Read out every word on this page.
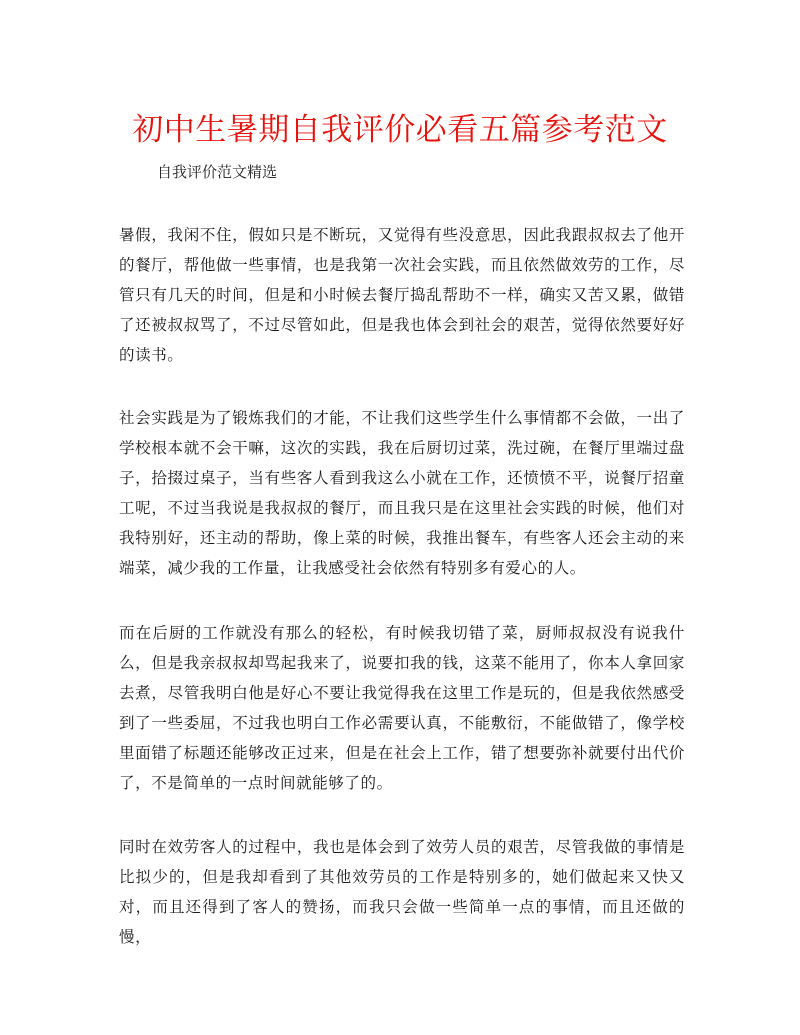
初中生暑期自我评价必看五篇参考范文

自我评价范文精选

暑假，我闲不住，假如只是不断玩，又觉得有些没意思，因此我跟叔叔去了他开的餐厅，帮他做一些事情，也是我第一次社会实践，而且依然做效劳的工作，尽管只有几天的时间，但是和小时候去餐厅捣乱帮助不一样，确实又苦又累，做错了还被叔叔骂了，不过尽管如此，但是我也体会到社会的艰苦，觉得依然要好好的读书。

社会实践是为了锻炼我们的才能，不让我们这些学生什么事情都不会做，一出了学校根本就不会干嘛，这次的实践，我在后厨切过菜，洗过碗，在餐厅里端过盘子，拾掇过桌子，当有些客人看到我这么小就在工作，还愤愤不平，说餐厅招童工呢，不过当我说是我叔叔的餐厅，而且我只是在这里社会实践的时候，他们对我特别好，还主动的帮助，像上菜的时候，我推出餐车，有些客人还会主动的来端菜，减少我的工作量，让我感受社会依然有特别多有爱心的人。

而在后厨的工作就没有那么的轻松，有时候我切错了菜，厨师叔叔没有说我什么，但是我亲叔叔却骂起我来了，说要扣我的钱，这菜不能用了，你本人拿回家去煮，尽管我明白他是好心不要让我觉得我在这里工作是玩的，但是我依然感受到了一些委屈，不过我也明白工作必需要认真，不能敷衍，不能做错了，像学校里面错了标题还能够改正过来，但是在社会上工作，错了想要弥补就要付出代价了，不是简单的一点时间就能够了的。

同时在效劳客人的过程中，我也是体会到了效劳人员的艰苦，尽管我做的事情是比拟少的，但是我却看到了其他效劳员的工作是特别多的，她们做起来又快又对，而且还得到了客人的赞扬，而我只会做一些简单一点的事情，而且还做的慢，
